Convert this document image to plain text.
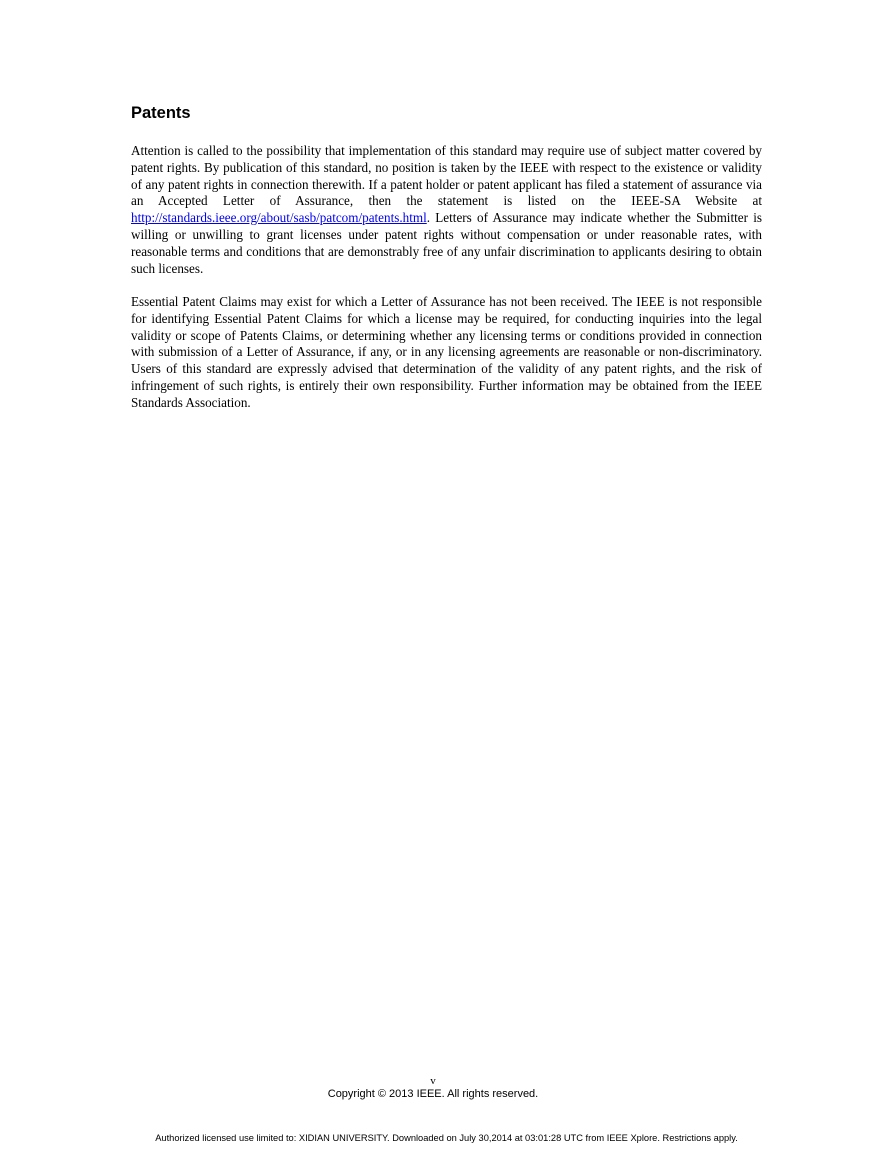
Patents

Attention is called to the possibility that implementation of this standard may require use of subject matter covered by patent rights. By publication of this standard, no position is taken by the IEEE with respect to the existence or validity of any patent rights in connection therewith. If a patent holder or patent applicant has filed a statement of assurance via an Accepted Letter of Assurance, then the statement is listed on the IEEE-SA Website at http://standards.ieee.org/about/sasb/patcom/patents.html. Letters of Assurance may indicate whether the Submitter is willing or unwilling to grant licenses under patent rights without compensation or under reasonable rates, with reasonable terms and conditions that are demonstrably free of any unfair discrimination to applicants desiring to obtain such licenses.

Essential Patent Claims may exist for which a Letter of Assurance has not been received. The IEEE is not responsible for identifying Essential Patent Claims for which a license may be required, for conducting inquiries into the legal validity or scope of Patents Claims, or determining whether any licensing terms or conditions provided in connection with submission of a Letter of Assurance, if any, or in any licensing agreements are reasonable or non-discriminatory. Users of this standard are expressly advised that determination of the validity of any patent rights, and the risk of infringement of such rights, is entirely their own responsibility. Further information may be obtained from the IEEE Standards Association.

v

Copyright © 2013 IEEE. All rights reserved.

Authorized licensed use limited to: XIDIAN UNIVERSITY. Downloaded on July 30,2014 at 03:01:28 UTC from IEEE Xplore. Restrictions apply.
